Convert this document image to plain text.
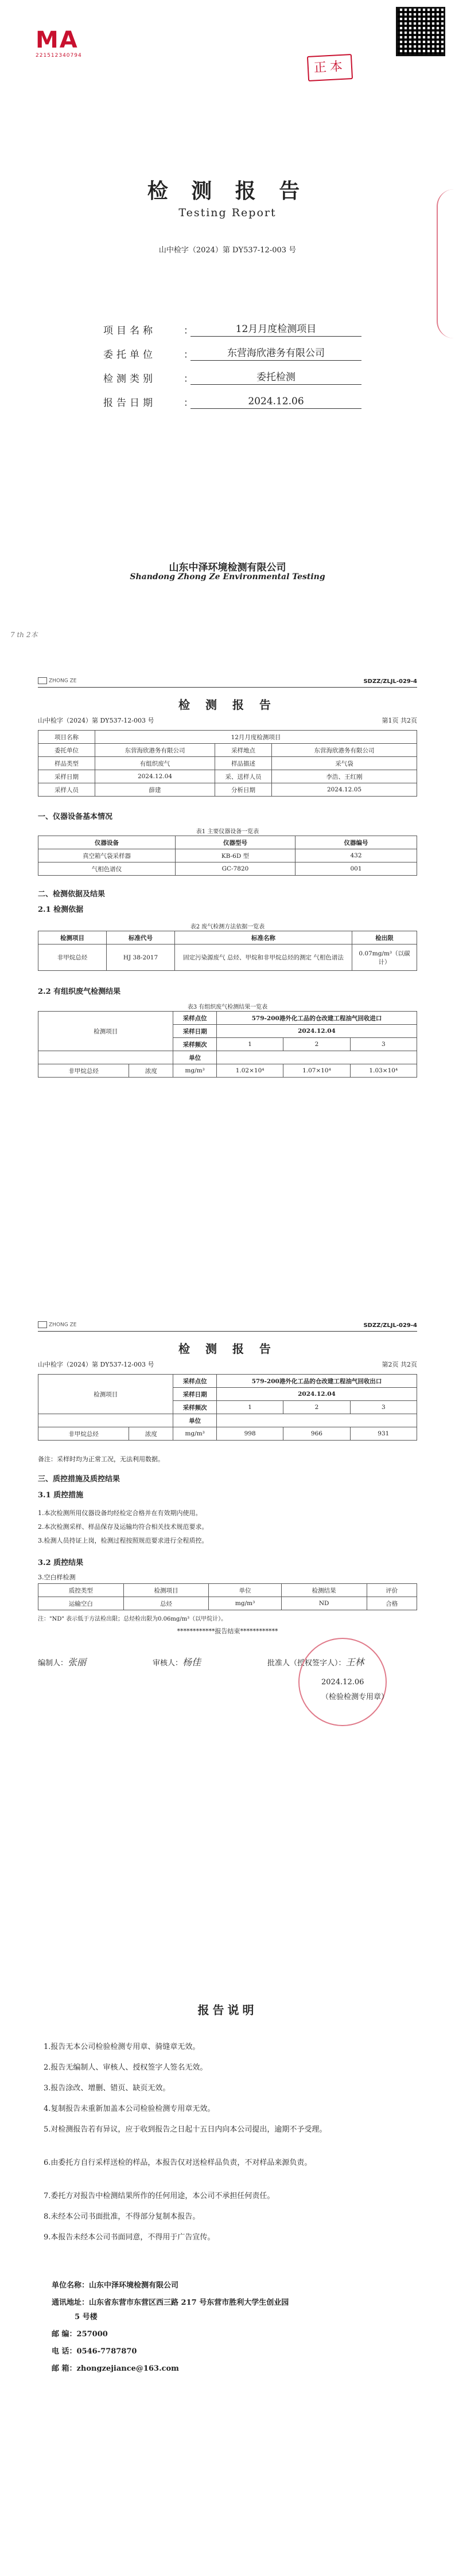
MA
221512340794
正本
检 测 报 告
Testing Report
山中检字（2024）第 DY537-12-003 号
项目名称	：	12月月度检测项目
委托单位	：	东营海欣港务有限公司
检测类别	：	委托检测
报告日期	：	2024.12.06
山东中泽环境检测有限公司
Shandong Zhong Ze Environmental Testing
7 th 2本
ZHONG ZE	SDZZ/ZLJL-029-4
检 测 报 告
山中检字（2024）第 DY537-12-003 号	第1页 共2页
项目名称	12月月度检测项目		
委托单位	东营海欣港务有限公司	采样地点	东营海欣港务有限公司
样品类型	有组织废气	样品描述	采气袋
采样日期	2024.12.04	采、送样人员	李浩、王红刚
采样人员	薛建	分析日期	2024.12.05
一、仪器设备基本情况
表1 主要仪器设备一览表
仪器设备	仪器型号	仪器编号
真空箱气袋采样器	KB-6D 型	432
气相色谱仪	GC-7820	001
二、检测依据及结果
2.1 检测依据
表2 废气检测方法依据一览表
检测项目	标准代号	标准名称	检出限
非甲烷总烃	HJ 38-2017	固定污染源废气 总烃、甲烷和非甲烷总烃的测定 气相色谱法	0.07mg/m³（以碳计）
2.2 有组织废气检测结果
表3 有组织废气检测结果一览表
检测项目		采样点位	579-200港外化工品的仓改建工程油气回收进口		
		采样日期	2024.12.04		
		采样频次	1	2	3
		单位			
非甲烷总烃	浓度	mg/m³	1.02×10⁴	1.07×10⁴	1.03×10⁴
ZHONG ZE	SDZZ/ZLJL-029-4
检 测 报 告
山中检字（2024）第 DY537-12-003 号	第2页 共2页
检测项目		采样点位	579-200港外化工品的仓改建工程油气回收出口		
		采样日期	2024.12.04		
		采样频次	1	2	3
		单位			
非甲烷总烃	浓度	mg/m³	998	966	931
备注：采样时均为正常工况，无法利用数据。
三、质控措施及质控结果
3.1 质控措施
1.本次检测所用仪器设备均经检定合格并在有效期内使用。
2.本次检测采样、样品保存及运输均符合相关技术规范要求。
3.检测人员持证上岗，检测过程按照规范要求进行全程质控。
3.2 质控结果
3.空白样检测
质控类型	检测项目	单位	检测结果	评价
运输空白	总烃	mg/m³	ND	合格
注："ND" 表示低于方法检出限；总烃检出限为0.06mg/m³（以甲烷计）。
************报告结束************
编制人：张丽	审核人：杨佳	批准人（授权签字人）：王林
2024.12.06
（检验检测专用章）
报告说明
1.报告无本公司检验检测专用章、骑缝章无效。
2.报告无编制人、审核人、授权签字人签名无效。
3.报告涂改、增删、错页、缺页无效。
4.复制报告未重新加盖本公司检验检测专用章无效。
5.对检测报告若有异议，应于收到报告之日起十五日内向本公司提出，逾期不予受理。
6.由委托方自行采样送检的样品，本报告仅对送检样品负责，不对样品来源负责。
7.委托方对报告中检测结果所作的任何用途，本公司不承担任何责任。
8.未经本公司书面批准，不得部分复制本报告。
9.本报告未经本公司书面同意，不得用于广告宣传。
单位名称：山东中泽环境检测有限公司
通讯地址：山东省东营市东营区西三路 217 号东营市胜利大学生创业园
5 号楼
邮 编：257000
电 话：0546-7787870
邮 箱：zhongzejiance@163.com
